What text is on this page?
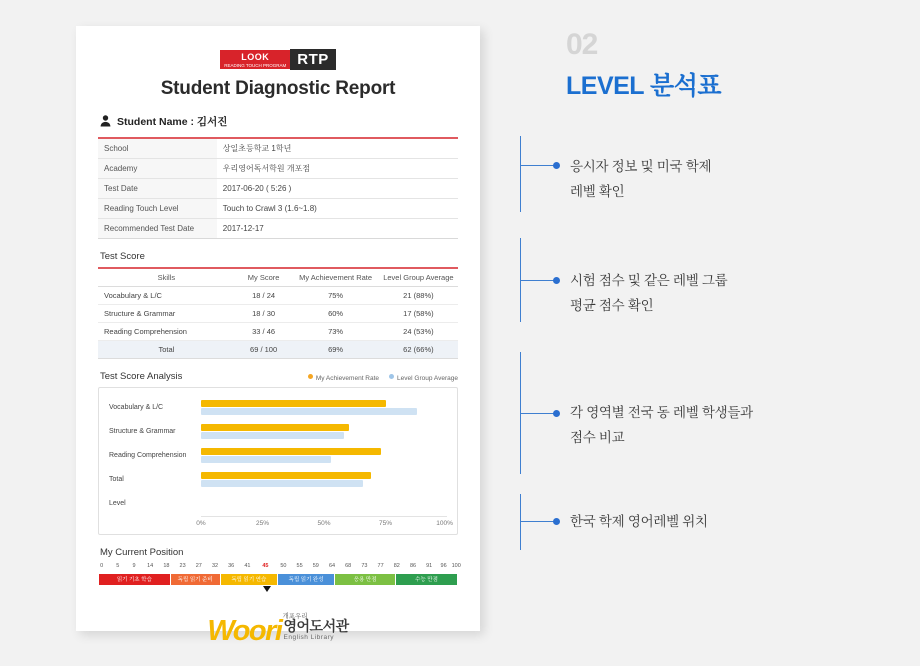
LOOK
READING TOUCH PROGRAM RTP
Student Diagnostic Report
Student Name : 김서진
School	상일초등학교 1학년
Academy	우리영어독서학원 개포점
Test Date	2017-06-20 ( 5:26 )
Reading Touch Level	Touch to Crawl 3 (1.6~1.8)
Recommended Test Date	2017-12-17
Test Score
Skills	My Score	My Achievement Rate	Level Group Average
Vocabulary & L/C	18 / 24	75%	21 (88%)
Structure & Grammar	18 / 30	60%	17 (58%)
Reading Comprehension	33 / 46	73%	24 (53%)
Total	69 / 100	69%	62 (66%)
Test Score Analysis	My Achievement Rate	Level Group Average
Vocabulary & L/C
Structure & Grammar
Reading Comprehension
Total
Level
0%	25%	50%	75%	100%
My Current Position
0 5 9 14 18 23 27 32 36 41 45 50 55 59 64 68 73 77 82 86 91 96 100
읽기 기초 학습	독립 읽기 준비	독립 읽기 연습	독립 읽기 완성	응용 만점	수능 만점
개포우리
Woori 영어도서관
English Library
02
LEVEL 분석표
응시자 정보 및 미국 학제
레벨 확인
시험 점수 및 같은 레벨 그룹
평균 점수 확인
각 영역별 전국 동 레벨 학생들과
점수 비교
한국 학제 영어레벨 위치
